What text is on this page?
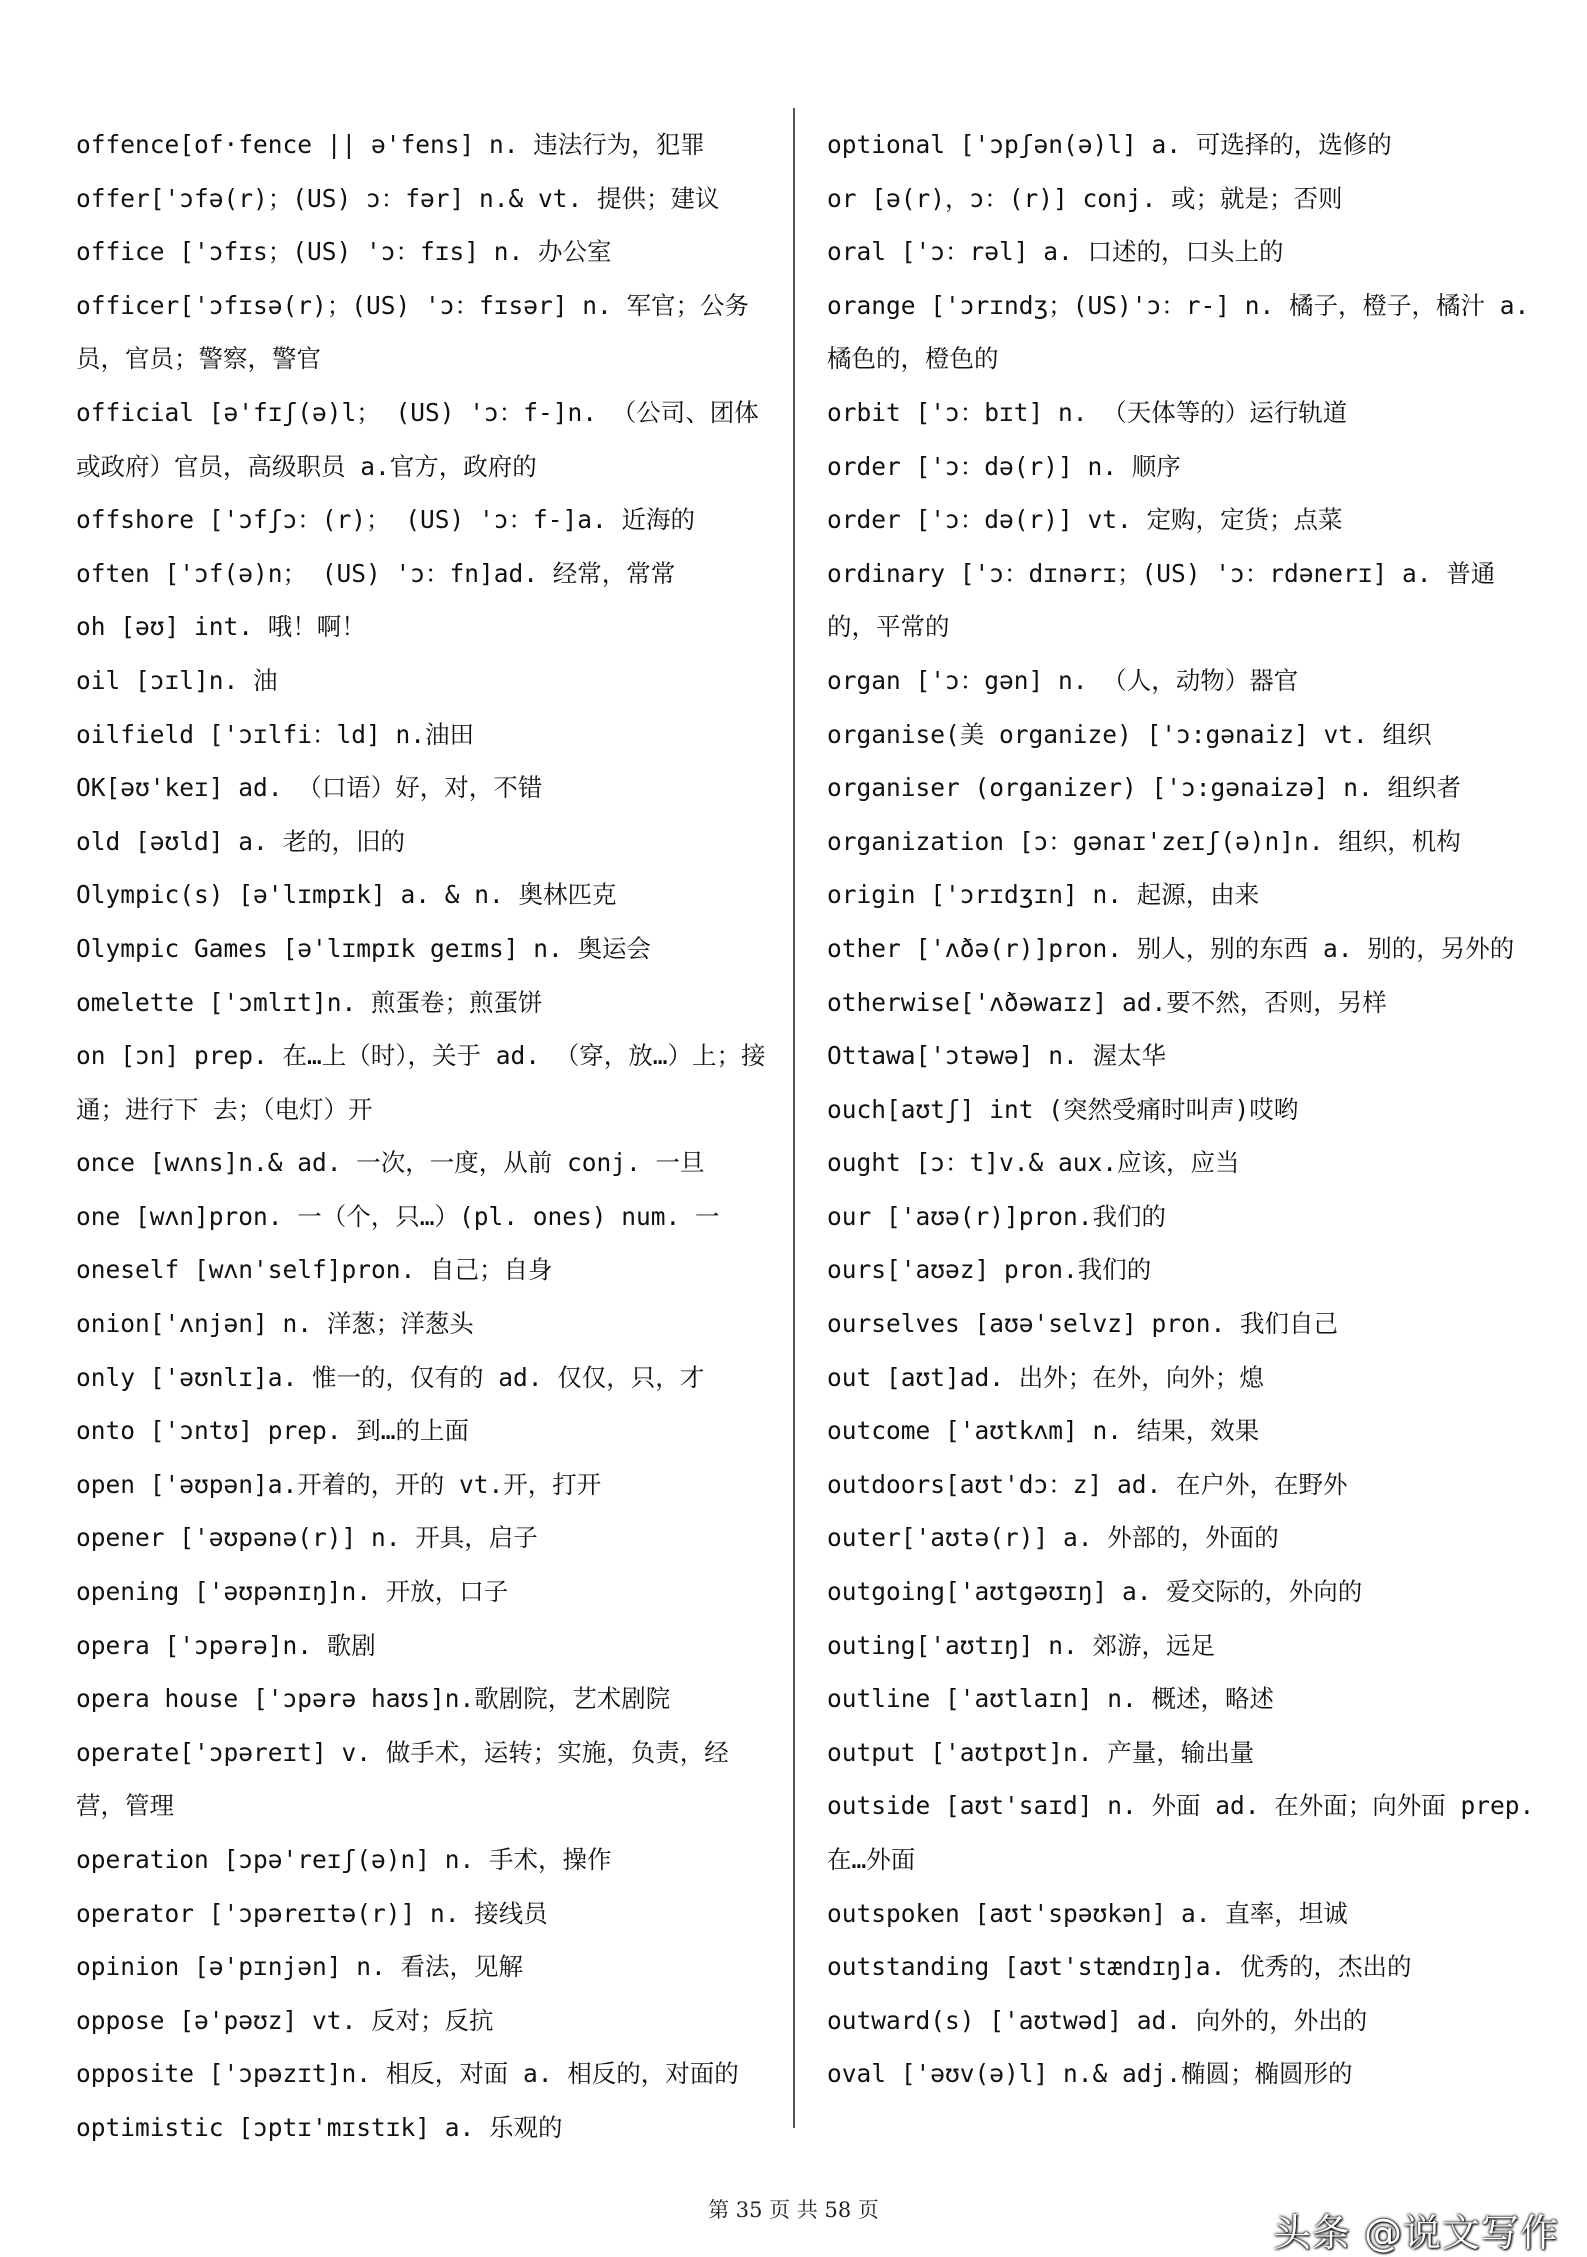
offence[of·fence || ə'fens] n. 违法行为，犯罪
offer['ɔfə(r)；(US) ɔ：fər] n.& vt. 提供；建议
office ['ɔfɪs；(US) 'ɔ：fɪs] n. 办公室
officer['ɔfɪsə(r)；(US) 'ɔ：fɪsər] n. 军官；公务员，官员；警察，警官
official [ə'fɪʃ(ə)l； (US) 'ɔ：f-]n. （公司、团体或政府）官员，高级职员 a.官方，政府的
offshore ['ɔfʃɔ：(r)； (US) 'ɔ：f-]a. 近海的
often ['ɔf(ə)n； (US) 'ɔ：fn]ad. 经常，常常
oh [əʊ] int. 哦！啊！
oil [ɔɪl]n. 油
oilfield ['ɔɪlfi：ld] n.油田
OK[əʊ'keɪ] ad. （口语）好，对，不错
old [əʊld] a. 老的，旧的
Olympic(s) [ə'lɪmpɪk] a. & n. 奥林匹克
Olympic Games [ə'lɪmpɪk geɪms] n. 奥运会
omelette ['ɔmlɪt]n. 煎蛋卷；煎蛋饼
on [ɔn] prep. 在…上（时），关于 ad. （穿，放…）上；接通；进行下 去；（电灯）开
once [wʌns]n.& ad. 一次，一度，从前 conj. 一旦
one [wʌn]pron. 一（个，只…）(pl. ones) num. 一
oneself [wʌn'self]pron. 自己；自身
onion['ʌnjən] n. 洋葱；洋葱头
only ['əʊnlɪ]a. 惟一的，仅有的 ad. 仅仅，只，才
onto ['ɔntʊ] prep. 到…的上面
open ['əʊpən]a.开着的，开的 vt.开，打开
opener ['əʊpənə(r)] n. 开具，启子
opening ['əʊpənɪŋ]n. 开放，口子
opera ['ɔpərə]n. 歌剧
opera house ['ɔpərə haʊs]n.歌剧院，艺术剧院
operate['ɔpəreɪt] v. 做手术，运转；实施，负责，经营，管理
operation [ɔpə'reɪʃ(ə)n] n. 手术，操作
operator ['ɔpəreɪtə(r)] n. 接线员
opinion [ə'pɪnjən] n. 看法，见解
oppose [ə'pəʊz] vt. 反对；反抗
opposite ['ɔpəzɪt]n. 相反，对面 a. 相反的，对面的
optimistic [ɔptɪ'mɪstɪk] a. 乐观的
optional ['ɔpʃən(ə)l] a. 可选择的，选修的
or [ə(r)，ɔ：(r)] conj. 或；就是；否则
oral ['ɔ：rəl] a. 口述的，口头上的
orange ['ɔrɪndʒ；(US)'ɔ：r-] n. 橘子，橙子，橘汁 a. 橘色的，橙色的
orbit ['ɔ：bɪt] n. （天体等的）运行轨道
order ['ɔ：də(r)] n. 顺序
order ['ɔ：də(r)] vt. 定购，定货；点菜
ordinary ['ɔ：dɪnərɪ；(US) 'ɔ：rdənerɪ] a. 普通的，平常的
organ ['ɔ：gən] n. （人，动物）器官
organise(美 organize) ['ɔ:gənaiz] vt. 组织
organiser (organizer) ['ɔ:gənaizə] n. 组织者
organization [ɔ：gənaɪ'zeɪʃ(ə)n]n. 组织，机构
origin ['ɔrɪdʒɪn] n. 起源，由来
other ['ʌðə(r)]pron. 别人，别的东西 a. 别的，另外的
otherwise['ʌðəwaɪz] ad.要不然，否则，另样
Ottawa['ɔtəwə] n. 渥太华
ouch[aʊtʃ] int (突然受痛时叫声)哎哟
ought [ɔ：t]v.& aux.应该，应当
our ['aʊə(r)]pron.我们的
ours['aʊəz] pron.我们的
ourselves [aʊə'selvz] pron. 我们自己
out [aʊt]ad. 出外；在外，向外；熄
outcome ['aʊtkʌm] n. 结果，效果
outdoors[aʊt'dɔ：z] ad. 在户外，在野外
outer['aʊtə(r)] a. 外部的，外面的
outgoing['aʊtgəʊɪŋ] a. 爱交际的，外向的
outing['aʊtɪŋ] n. 郊游，远足
outline ['aʊtlaɪn] n. 概述，略述
output ['aʊtpʊt]n. 产量，输出量
outside [aʊt'saɪd] n. 外面 ad. 在外面；向外面 prep. 在…外面
outspoken [aʊt'spəʊkən] a. 直率，坦诚
outstanding [aʊt'stændɪŋ]a. 优秀的，杰出的
outward(s) ['aʊtwəd] ad. 向外的，外出的
oval ['əʊv(ə)l] n.& adj.椭圆；椭圆形的
第 35 页 共 58 页
头条 @说文写作
